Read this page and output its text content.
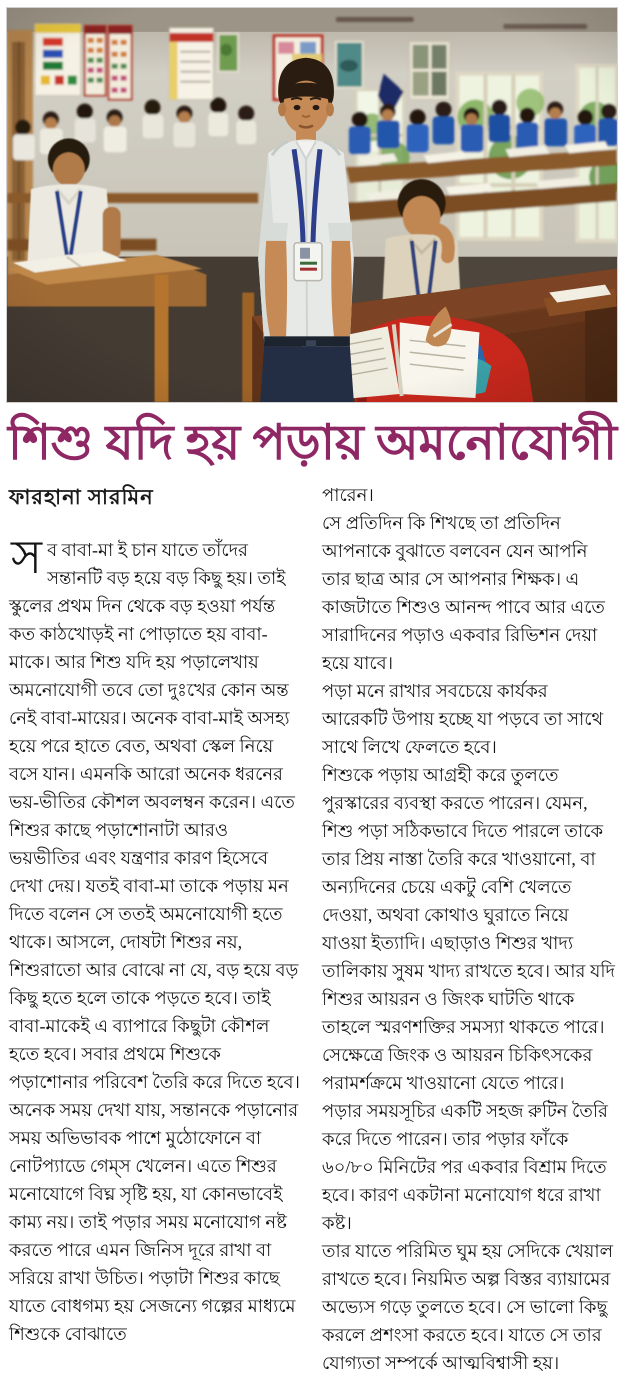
শিশু যদি হয় পড়ায় অমনোযোগী
ফারহানা সারমিন

সব বাবা-মা ই চান যাতে তাঁদের সন্তানটি বড় হয়ে বড় কিছু হয়। তাই স্কুলের প্রথম দিন থেকে বড় হওয়া পর্যন্ত কত কাঠখোড়ই না পোড়াতে হয় বাবা-মাকে। আর শিশু যদি হয় পড়ালেখায় অমনোযোগী তবে তো দুঃখের কোন অন্ত নেই বাবা-মায়ের। অনেক বাবা-মাই অসহ্য হয়ে পরে হাতে বেত, অথবা স্কেল নিয়ে বসে যান। এমনকি আরো অনেক ধরনের ভয়-ভীতির কৌশল অবলম্বন করেন। এতে শিশুর কাছে পড়াশোনাটা আরও ভয়ভীতির এবং যন্ত্রণার কারণ হিসেবে দেখা দেয়। যতই বাবা-মা তাকে পড়ায় মন দিতে বলেন সে ততই অমনোযোগী হতে থাকে। আসলে, দোষটা শিশুর নয়, শিশুরাতো আর বোঝে না যে, বড় হয়ে বড় কিছু হতে হলে তাকে পড়তে হবে। তাই বাবা-মাকেই এ ব্যাপারে কিছুটা কৌশল হতে হবে। সবার প্রথমে শিশুকে পড়াশোনার পরিবেশ তৈরি করে দিতে হবে। অনেক সময় দেখা যায়, সন্তানকে পড়ানোর সময় অভিভাবক পাশে মুঠোফোনে বা নোটপ্যাডে গেম্স খেলেন। এতে শিশুর মনোযোগে বিঘ্ন সৃষ্টি হয়, যা কোনভাবেই কাম্য নয়। তাই পড়ার সময় মনোযোগ নষ্ট করতে পারে এমন জিনিস দূরে রাখা বা সরিয়ে রাখা উচিত। পড়াটা শিশুর কাছে যাতে বোধগম্য হয় সেজন্যে গল্পের মাধ্যমে শিশুকে বোঝাতে

পারেন।

সে প্রতিদিন কি শিখছে তা প্রতিদিন আপনাকে বুঝাতে বলবেন যেন আপনি তার ছাত্র আর সে আপনার শিক্ষক। এ কাজটাতে শিশুও আনন্দ পাবে আর এতে সারাদিনের পড়াও একবার রিভিশন দেয়া হয়ে যাবে।

পড়া মনে রাখার সবচেয়ে কার্যকর আরেকটি উপায় হচ্ছে যা পড়বে তা সাথে সাথে লিখে ফেলতে হবে।

শিশুকে পড়ায় আগ্রহী করে তুলতে পুরস্কারের ব্যবস্থা করতে পারেন। যেমন, শিশু পড়া সঠিকভাবে দিতে পারলে তাকে তার প্রিয় নাস্তা তৈরি করে খাওয়ানো, বা অন্যদিনের চেয়ে একটু বেশি খেলতে দেওয়া, অথবা কোথাও ঘুরাতে নিয়ে যাওয়া ইত্যাদি। এছাড়াও শিশুর খাদ্য তালিকায় সুষম খাদ্য রাখতে হবে। আর যদি শিশুর আয়রন ও জিংক ঘাটতি থাকে তাহলে স্মরণশক্তির সমস্যা থাকতে পারে। সেক্ষেত্রে জিংক ও আয়রন চিকিৎসকের পরামর্শক্রমে খাওয়ানো যেতে পারে।

পড়ার সময়সূচির একটি সহজ রুটিন তৈরি করে দিতে পারেন। তার পড়ার ফাঁকে ৬০/৮০ মিনিটের পর একবার বিশ্রাম দিতে হবে। কারণ একটানা মনোযোগ ধরে রাখা কষ্ট।

তার যাতে পরিমিত ঘুম হয় সেদিকে খেয়াল রাখতে হবে। নিয়মিত অল্প বিস্তর ব্যায়ামের অভ্যেস গড়ে তুলতে হবে। সে ভালো কিছু করলে প্রশংসা করতে হবে। যাতে সে তার যোগ্যতা সম্পর্কে আত্মবিশ্বাসী হয়।
